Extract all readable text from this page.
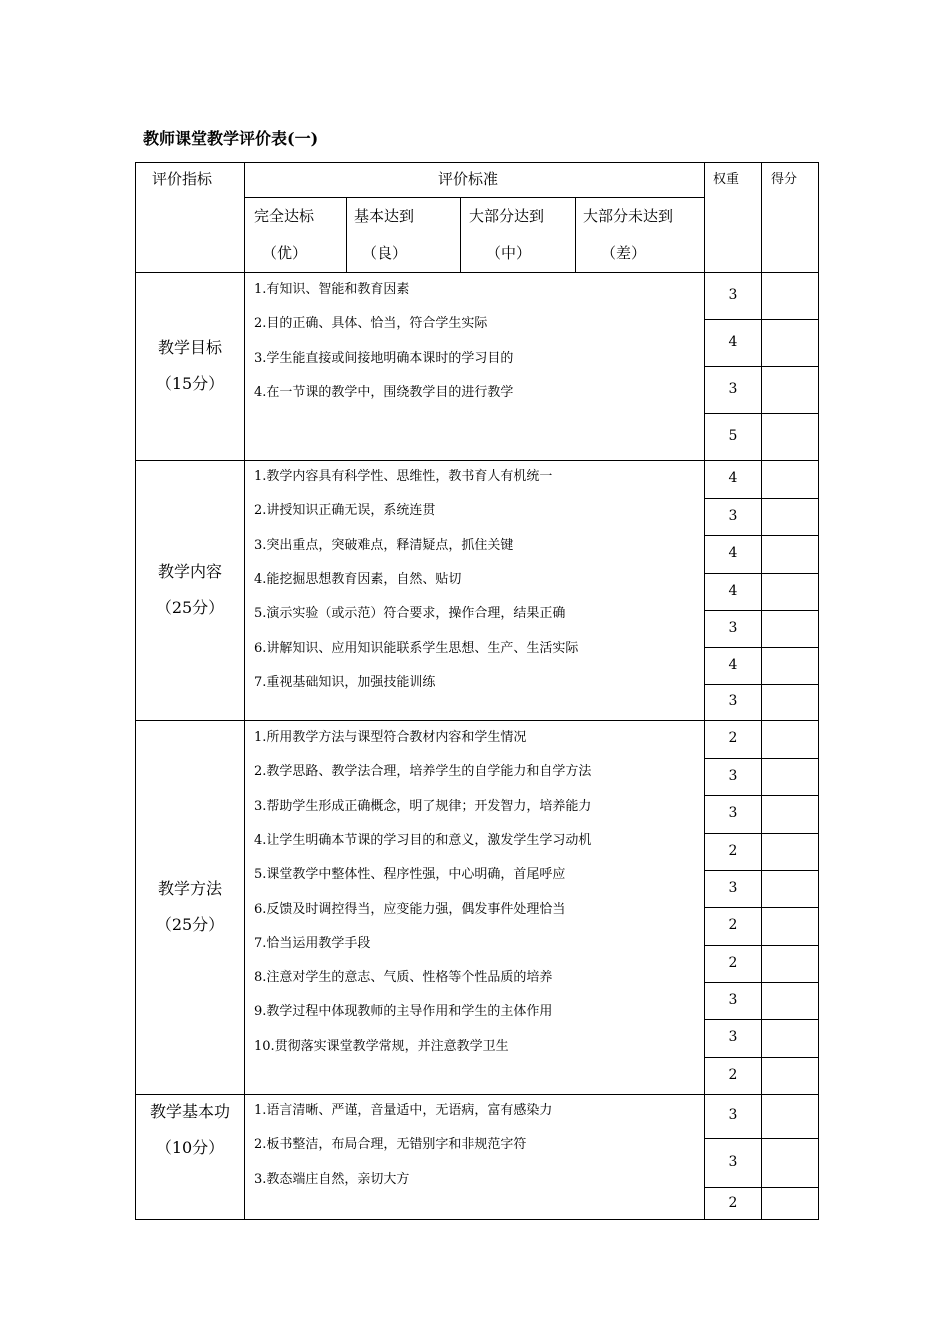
教师课堂教学评价表(一)
评价指标	评价标准	权重 得分
完全达标
（优）
基本达到
（良）
大部分达到
（中）
大部分未达到
（差）
教学目标
（15分）
1.有知识、智能和教育因素
2.目的正确、具体、恰当，符合学生实际
3.学生能直接或间接地明确本课时的学习目的
4.在一节课的教学中，围绕教学目的进行教学
3
4
3
5
教学内容
（25分）
1.教学内容具有科学性、思维性，教书育人有机统一
2.讲授知识正确无误，系统连贯
3.突出重点，突破难点，释清疑点，抓住关键
4.能挖掘思想教育因素，自然、贴切
5.演示实验（或示范）符合要求，操作合理，结果正确
6.讲解知识、应用知识能联系学生思想、生产、生活实际
7.重视基础知识，加强技能训练
4
3
4
4
3
4
3
教学方法
（25分）
1.所用教学方法与课型符合教材内容和学生情况
2.教学思路、教学法合理，培养学生的自学能力和自学方法
3.帮助学生形成正确概念，明了规律；开发智力，培养能力
4.让学生明确本节课的学习目的和意义，激发学生学习动机
5.课堂教学中整体性、程序性强，中心明确，首尾呼应
6.反馈及时调控得当，应变能力强，偶发事件处理恰当
7.恰当运用教学手段
8.注意对学生的意志、气质、性格等个性品质的培养
9.教学过程中体现教师的主导作用和学生的主体作用
10.贯彻落实课堂教学常规，并注意教学卫生
2
3
3
2
3
2
2
3
3
2
教学基本功
（10分）
1.语言清晰、严谨，音量适中，无语病，富有感染力
2.板书整洁，布局合理，无错别字和非规范字符
3.教态端庄自然，亲切大方
3
3
2
